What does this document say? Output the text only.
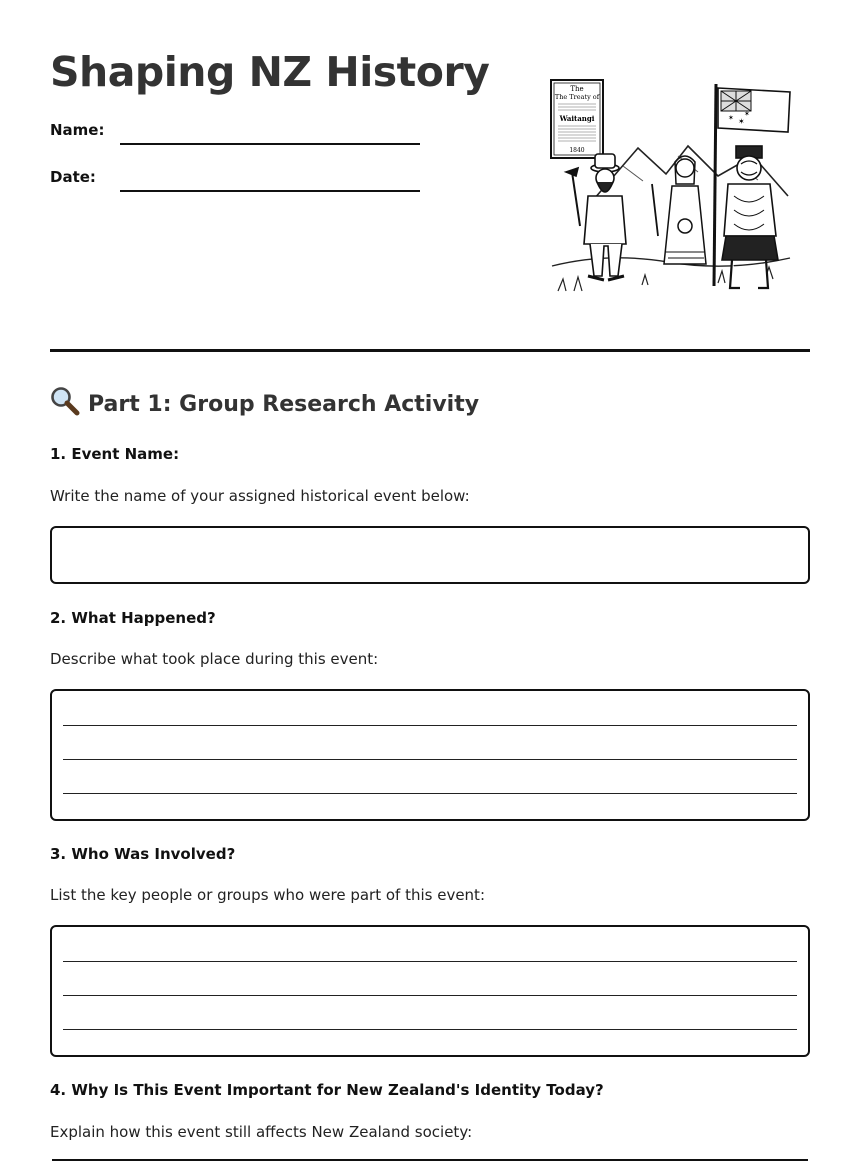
Shaping NZ History
Name:
Date:
The
The Treaty of
Waitangi
1840
✶
✶ ✶
Part 1: Group Research Activity

1. Event Name:

Write the name of your assigned historical event below:

2. What Happened?

Describe what took place during this event:

3. Who Was Involved?

List the key people or groups who were part of this event:

4. Why Is This Event Important for New Zealand's Identity Today?

Explain how this event still affects New Zealand society:
